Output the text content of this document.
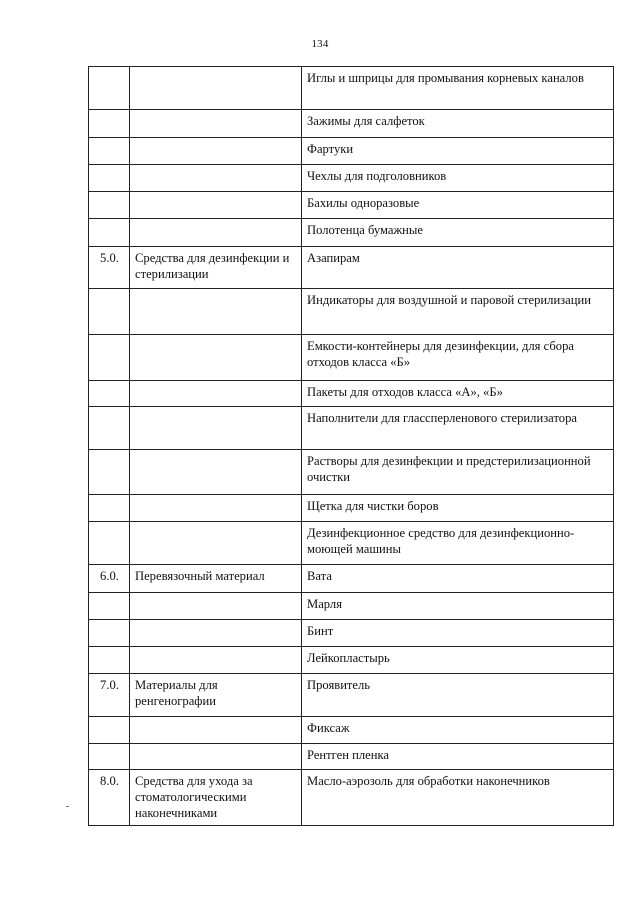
134
		Иглы и шприцы для промывания корневых каналов
		Зажимы для салфеток
		Фартуки
		Чехлы для подголовников
		Бахилы одноразовые
		Полотенца бумажные
5.0.	Средства для дезинфекции и стерилизации	Азапирам
		Индикаторы для воздушной и паровой стерилизации
		Емкости-контейнеры для дезинфекции, для сбора отходов класса «Б»
		Пакеты для отходов класса «А», «Б»
		Наполнители для глассперленового стерилизатора
		Растворы для дезинфекции и предстерилизационной очистки
		Щетка для чистки боров
		Дезинфекционное средство для дезинфекционно-моющей машины
6.0.	Перевязочный материал	Вата
		Марля
		Бинт
		Лейкопластырь
7.0.	Материалы для ренгенографии	Проявитель
		Фиксаж
		Рентген пленка
8.0.	Средства для ухода за стоматологическими наконечниками	Масло-аэрозоль для обработки наконечников
